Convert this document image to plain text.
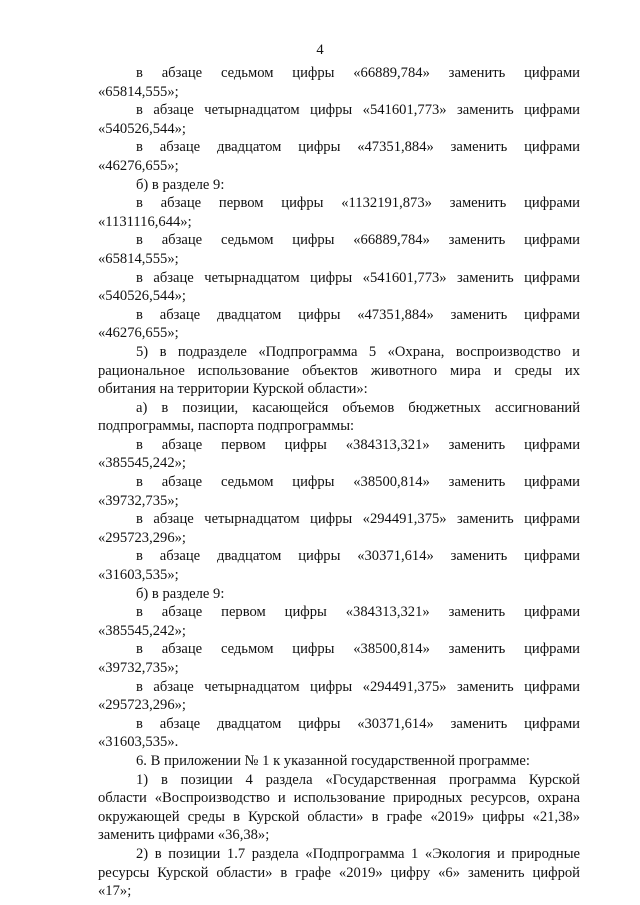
4
в абзаце седьмом цифры «66889,784» заменить цифрами
«65814,555»;
в абзаце четырнадцатом цифры «541601,773» заменить цифрами
«540526,544»;
в абзаце двадцатом цифры «47351,884» заменить цифрами
«46276,655»;
б) в разделе 9:
в абзаце первом цифры «1132191,873» заменить цифрами
«1131116,644»;
в абзаце седьмом цифры «66889,784» заменить цифрами
«65814,555»;
в абзаце четырнадцатом цифры «541601,773» заменить цифрами
«540526,544»;
в абзаце двадцатом цифры «47351,884» заменить цифрами
«46276,655»;
5) в подразделе «Подпрограмма 5 «Охрана, воспроизводство и
рациональное использование объектов животного мира и среды их
обитания на территории Курской области»:
а) в позиции, касающейся объемов бюджетных ассигнований
подпрограммы, паспорта подпрограммы:
в абзаце первом цифры «384313,321» заменить цифрами
«385545,242»;
в абзаце седьмом цифры «38500,814» заменить цифрами
«39732,735»;
в абзаце четырнадцатом цифры «294491,375» заменить цифрами
«295723,296»;
в абзаце двадцатом цифры «30371,614» заменить цифрами
«31603,535»;
б) в разделе 9:
в абзаце первом цифры «384313,321» заменить цифрами
«385545,242»;
в абзаце седьмом цифры «38500,814» заменить цифрами
«39732,735»;
в абзаце четырнадцатом цифры «294491,375» заменить цифрами
«295723,296»;
в абзаце двадцатом цифры «30371,614» заменить цифрами
«31603,535».
6. В приложении № 1 к указанной государственной программе:
1) в позиции 4 раздела «Государственная программа Курской
области «Воспроизводство и использование природных ресурсов, охрана
окружающей среды в Курской области» в графе «2019» цифры «21,38»
заменить цифрами «36,38»;
2) в позиции 1.7 раздела «Подпрограмма 1 «Экология и природные
ресурсы Курской области» в графе «2019» цифру «6» заменить цифрой
«17»;
